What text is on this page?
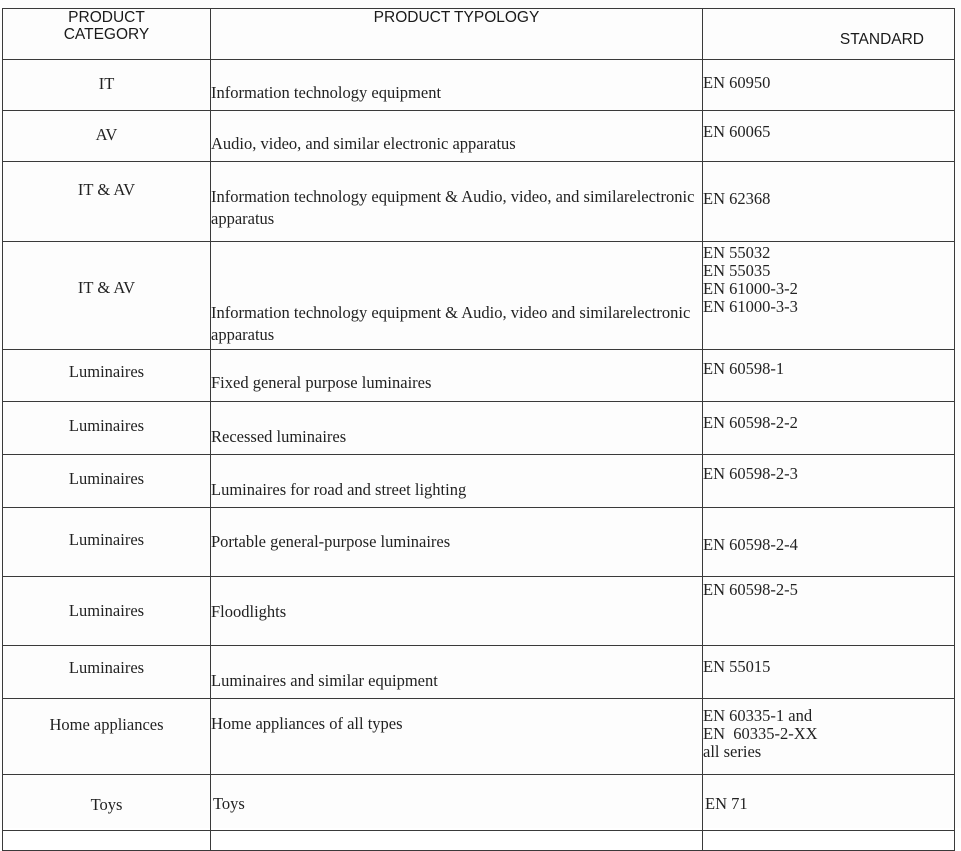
PRODUCT
CATEGORY	PRODUCT TYPOLOGY	STANDARD
IT	Information technology equipment	EN 60950

AV	Audio, video, and similar electronic apparatus	EN 60065

IT & AV	Information technology equipment & Audio, video, and similarelectronic apparatus	EN 62368

IT & AV	Information technology equipment & Audio, video and similarelectronic apparatus	EN 55032
EN 55035
EN 61000-3-2
EN 61000-3-3

Luminaires	Fixed general purpose luminaires	EN 60598-1

Luminaires	Recessed luminaires	EN 60598-2-2

Luminaires	Luminaires for road and street lighting	EN 60598-2-3

Luminaires	Portable general-purpose luminaires	EN 60598-2-4

Luminaires	Floodlights	EN 60598-2-5

Luminaires	Luminaires and similar equipment	EN 55015

Home appliances	Home appliances of all types	EN 60335-1 and
EN  60335-2-XX
all series

Toys	Toys	EN 71
